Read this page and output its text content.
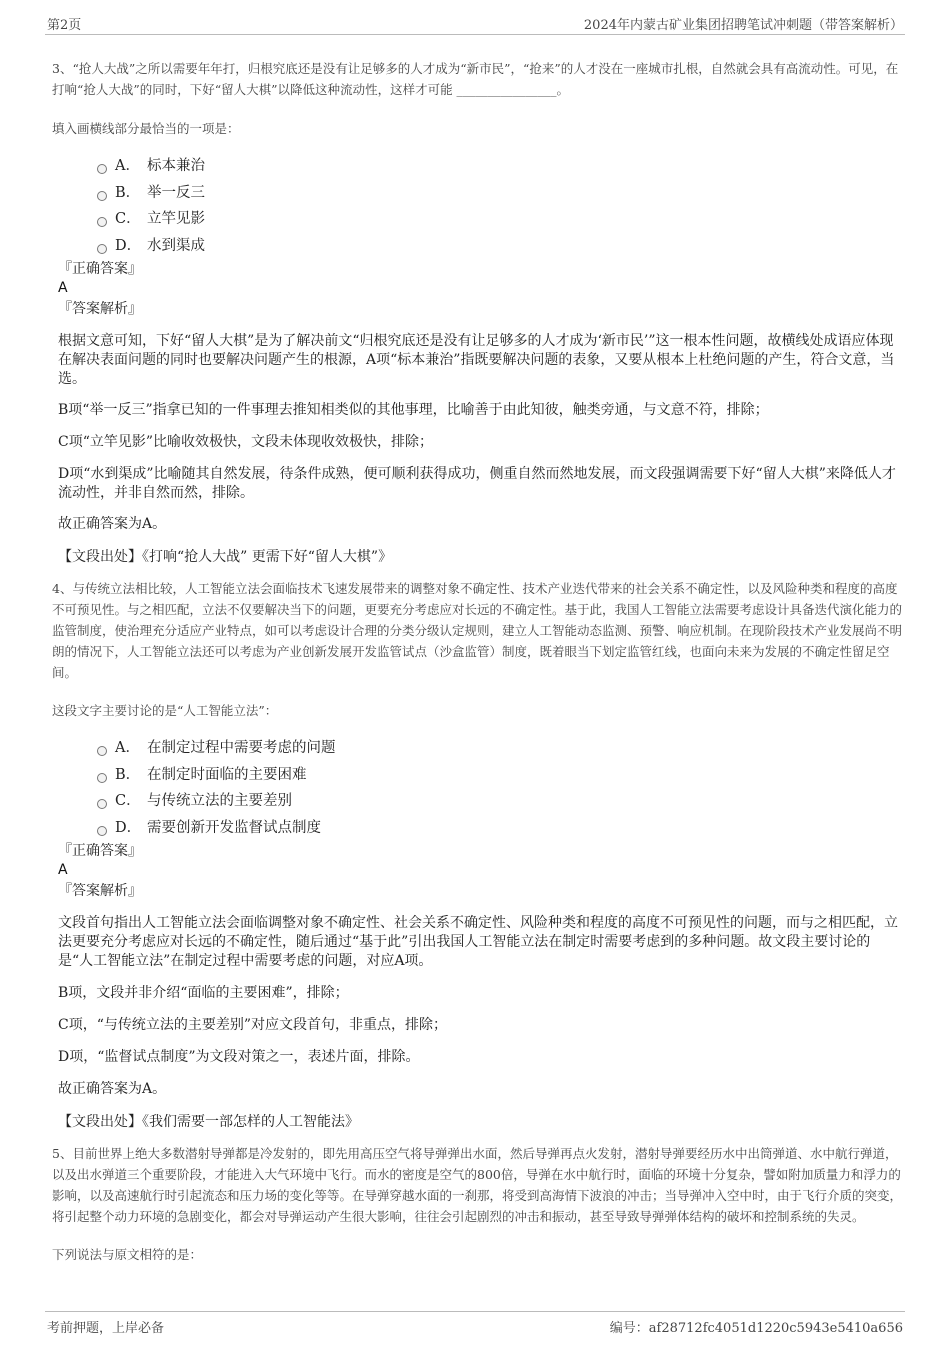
第2页	2024年内蒙古矿业集团招聘笔试冲刺题（带答案解析）

3、“抢人大战”之所以需要年年打，归根究底还是没有让足够多的人才成为“新市民”，“抢来”的人才没在一座城市扎根，自然就会具有高流动性。可见，在打响“抢人大战”的同时，下好“留人大棋”以降低这种流动性，这样才可能 ________________。

填入画横线部分最恰当的一项是：

A． 标本兼治
B． 举一反三
C． 立竿见影
D． 水到渠成

『正确答案』

A

『答案解析』

根据文意可知，下好“留人大棋”是为了解决前文“归根究底还是没有让足够多的人才成为‘新市民’”这一根本性问题，故横线处成语应体现在解决表面问题的同时也要解决问题产生的根源，A项“标本兼治”指既要解决问题的表象，又要从根本上杜绝问题的产生，符合文意，当选。

B项“举一反三”指拿已知的一件事理去推知相类似的其他事理，比喻善于由此知彼，触类旁通，与文意不符，排除；

C项“立竿见影”比喻收效极快，文段未体现收效极快，排除；

D项“水到渠成”比喻随其自然发展，待条件成熟，便可顺利获得成功，侧重自然而然地发展，而文段强调需要下好“留人大棋”来降低人才流动性，并非自然而然，排除。

故正确答案为A。

【文段出处】《打响“抢人大战” 更需下好“留人大棋”》

4、与传统立法相比较，人工智能立法会面临技术飞速发展带来的调整对象不确定性、技术产业迭代带来的社会关系不确定性，以及风险种类和程度的高度不可预见性。与之相匹配，立法不仅要解决当下的问题，更要充分考虑应对长远的不确定性。基于此，我国人工智能立法需要考虑设计具备迭代演化能力的监管制度，使治理充分适应产业特点，如可以考虑设计合理的分类分级认定规则，建立人工智能动态监测、预警、响应机制。在现阶段技术产业发展尚不明朗的情况下，人工智能立法还可以考虑为产业创新发展开发监管试点（沙盒监管）制度，既着眼当下划定监管红线，也面向未来为发展的不确定性留足空间。

这段文字主要讨论的是“人工智能立法”：

A． 在制定过程中需要考虑的问题
B． 在制定时面临的主要困难
C． 与传统立法的主要差别
D． 需要创新开发监督试点制度

『正确答案』

A

『答案解析』

文段首句指出人工智能立法会面临调整对象不确定性、社会关系不确定性、风险种类和程度的高度不可预见性的问题，而与之相匹配，立法更要充分考虑应对长远的不确定性，随后通过“基于此”引出我国人工智能立法在制定时需要考虑到的多种问题。故文段主要讨论的是“人工智能立法”在制定过程中需要考虑的问题，对应A项。

B项，文段并非介绍“面临的主要困难”，排除；

C项，“与传统立法的主要差别”对应文段首句，非重点，排除；

D项，“监督试点制度”为文段对策之一，表述片面，排除。

故正确答案为A。

【文段出处】《我们需要一部怎样的人工智能法》

5、目前世界上绝大多数潜射导弹都是冷发射的，即先用高压空气将导弹弹出水面，然后导弹再点火发射，潜射导弹要经历水中出筒弹道、水中航行弹道，以及出水弹道三个重要阶段，才能进入大气环境中飞行。而水的密度是空气的800倍，导弹在水中航行时，面临的环境十分复杂，譬如附加质量力和浮力的影响，以及高速航行时引起流态和压力场的变化等等。在导弹穿越水面的一刹那，将受到高海情下波浪的冲击；当导弹冲入空中时，由于飞行介质的突变，将引起整个动力环境的急剧变化，都会对导弹运动产生很大影响，往往会引起剧烈的冲击和振动，甚至导致导弹弹体结构的破坏和控制系统的失灵。

下列说法与原文相符的是：

考前押题，上岸必备	编号：af28712fc4051d1220c5943e5410a656
